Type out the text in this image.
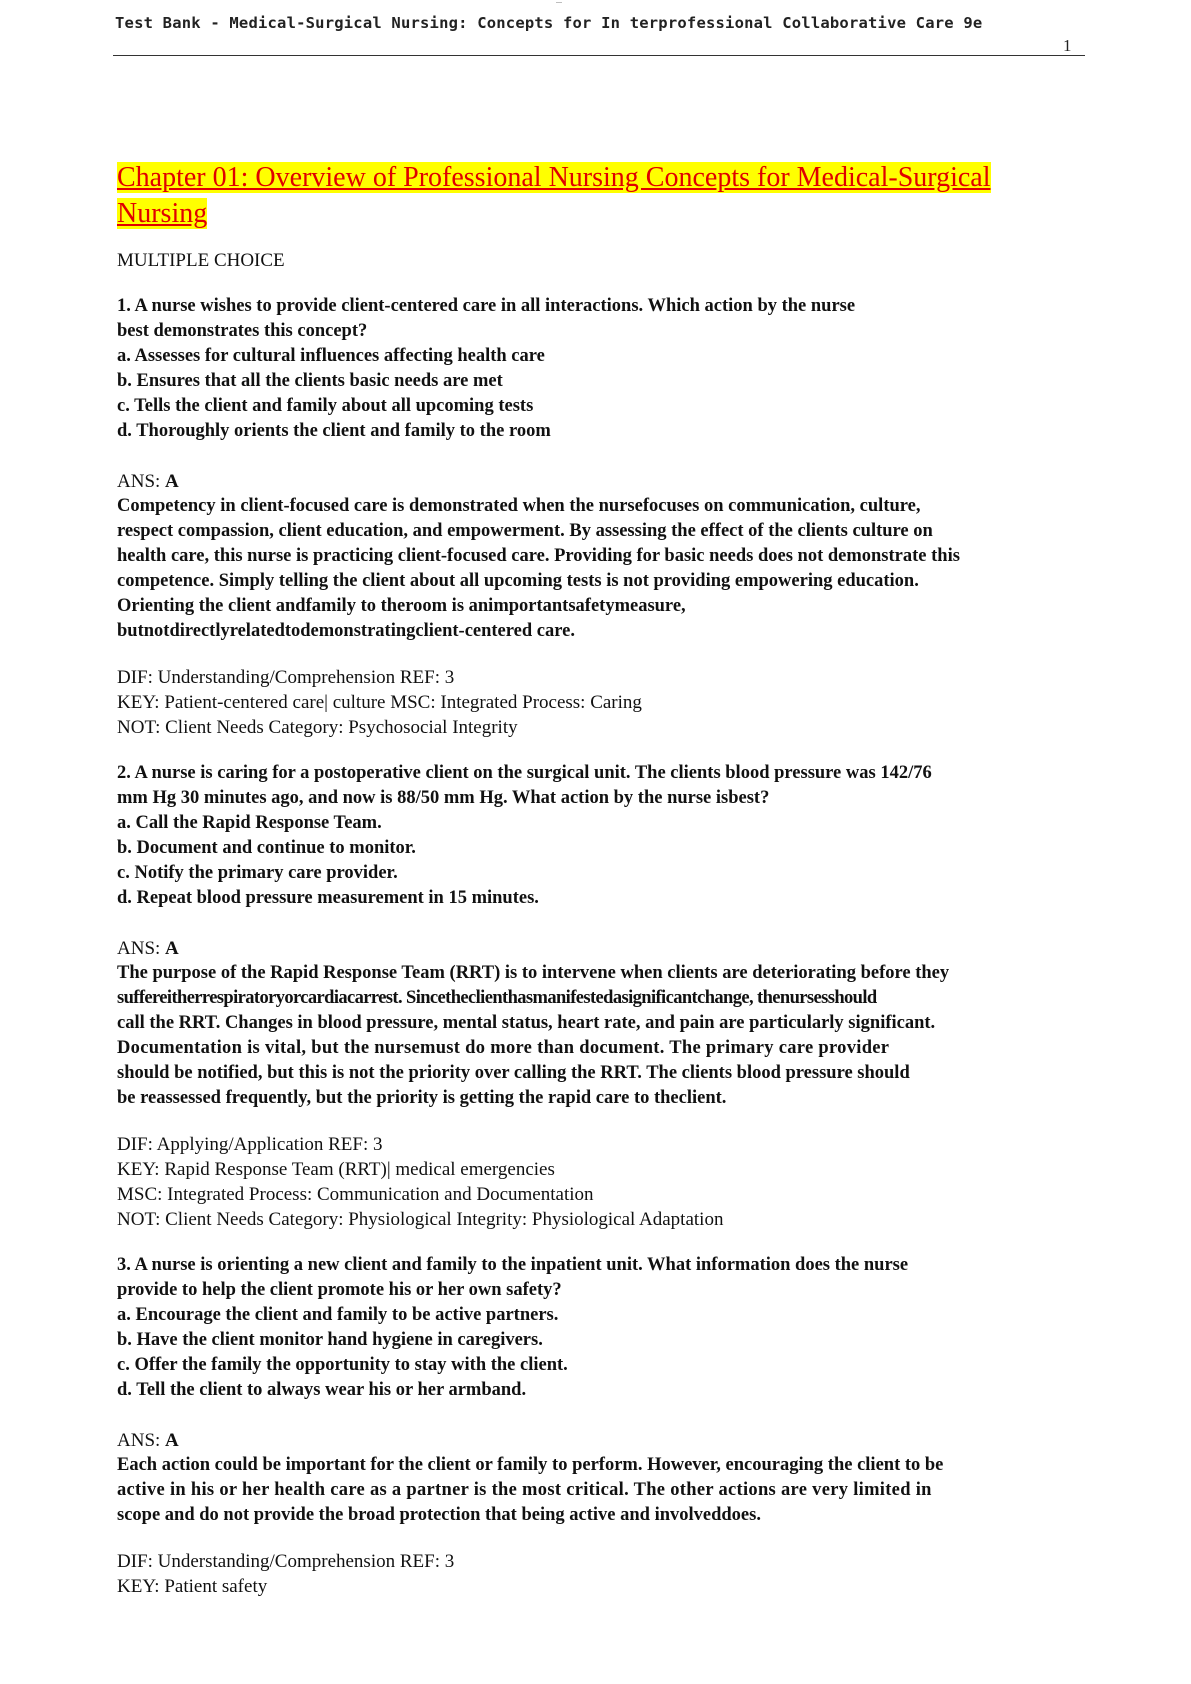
---
Test Bank - Medical-Surgical Nursing: Concepts for In terprofessional Collaborative Care 9e
1
Chapter 01: Overview of Professional Nursing Concepts for Medical-Surgical Nursing
MULTIPLE CHOICE
1. A nurse wishes to provide client-centered care in all interactions. Which action by the nurse
best demonstrates this concept?
a. Assesses for cultural influences affecting health care
b. Ensures that all the clients basic needs are met
c. Tells the client and family about all upcoming tests
d. Thoroughly orients the client and family to the room
ANS: A
Competency in client-focused care is demonstrated when the nursefocuses on communication, culture,
respect compassion, client education, and empowerment. By assessing the effect of the clients culture on
health care, this nurse is practicing client-focused care. Providing for basic needs does not demonstrate this
competence. Simply telling the client about all upcoming tests is not providing empowering education.
Orienting the client andfamily to theroom is animportantsafetymeasure,
butnotdirectlyrelatedtodemonstratingclient-centered care.
DIF: Understanding/Comprehension REF: 3
KEY: Patient-centered care| culture MSC: Integrated Process: Caring
NOT: Client Needs Category: Psychosocial Integrity
2. A nurse is caring for a postoperative client on the surgical unit. The clients blood pressure was 142/76
mm Hg 30 minutes ago, and now is 88/50 mm Hg. What action by the nurse isbest?
a. Call the Rapid Response Team.
b. Document and continue to monitor.
c. Notify the primary care provider.
d. Repeat blood pressure measurement in 15 minutes.
ANS: A
The purpose of the Rapid Response Team (RRT) is to intervene when clients are deteriorating before they
suffereitherrespiratoryorcardiacarrest. Sincetheclienthasmanifestedasignificantchange, thenursesshould
call the RRT. Changes in blood pressure, mental status, heart rate, and pain are particularly significant.
Documentation is vital, but the nursemust do more than document. The primary care provider
should be notified, but this is not the priority over calling the RRT. The clients blood pressure should
be reassessed frequently, but the priority is getting the rapid care to theclient.
DIF: Applying/Application REF: 3
KEY: Rapid Response Team (RRT)| medical emergencies
MSC: Integrated Process: Communication and Documentation
NOT: Client Needs Category: Physiological Integrity: Physiological Adaptation
3. A nurse is orienting a new client and family to the inpatient unit. What information does the nurse
provide to help the client promote his or her own safety?
a. Encourage the client and family to be active partners.
b. Have the client monitor hand hygiene in caregivers.
c. Offer the family the opportunity to stay with the client.
d. Tell the client to always wear his or her armband.
ANS: A
Each action could be important for the client or family to perform. However, encouraging the client to be
active in his or her health care as a partner is the most critical. The other actions are very limited in
scope and do not provide the broad protection that being active and involveddoes.
DIF: Understanding/Comprehension REF: 3
KEY: Patient safety
